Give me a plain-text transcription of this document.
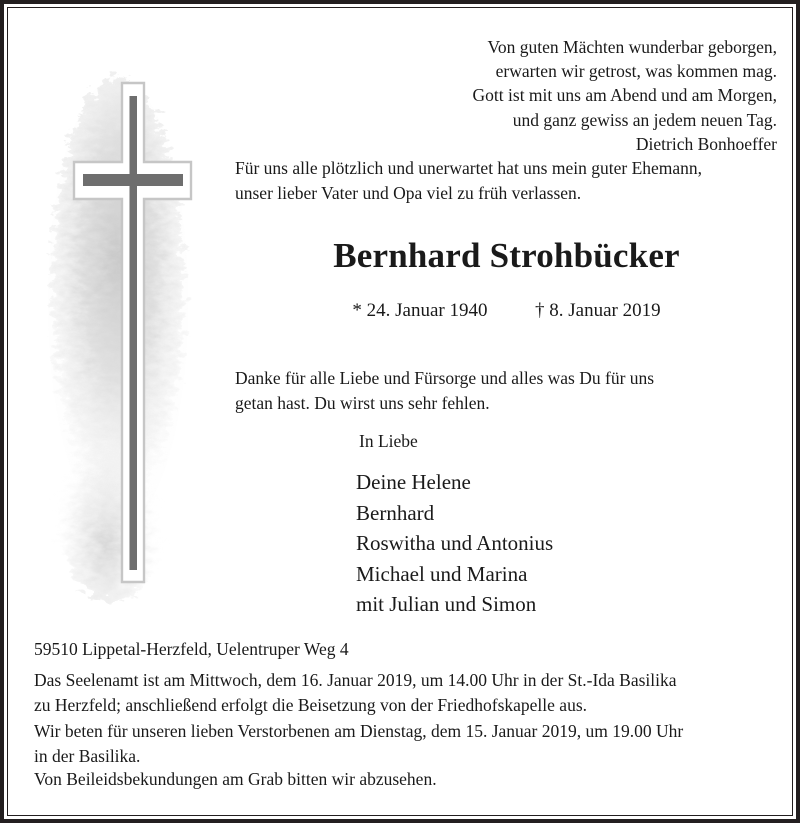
Von guten Mächten wunderbar geborgen,
erwarten wir getrost, was kommen mag.
Gott ist mit uns am Abend und am Morgen,
und ganz gewiss an jedem neuen Tag.
Dietrich Bonhoeffer
Für uns alle plötzlich und unerwartet hat uns mein guter Ehemann,
unser lieber Vater und Opa viel zu früh verlassen.
Bernhard Strohbücker
* 24. Januar 1940	† 8. Januar 2019
Danke für alle Liebe und Fürsorge und alles was Du für uns
getan hast. Du wirst uns sehr fehlen.
In Liebe
Deine Helene
Bernhard
Roswitha und Antonius
Michael und Marina
mit Julian und Simon
59510 Lippetal-Herzfeld, Uelentruper Weg 4
Das Seelenamt ist am Mittwoch, dem 16. Januar 2019, um 14.00 Uhr in der St.-Ida Basilika
zu Herzfeld; anschließend erfolgt die Beisetzung von der Friedhofskapelle aus.
Wir beten für unseren lieben Verstorbenen am Dienstag, dem 15. Januar 2019, um 19.00 Uhr
in der Basilika.
Von Beileidsbekundungen am Grab bitten wir abzusehen.
